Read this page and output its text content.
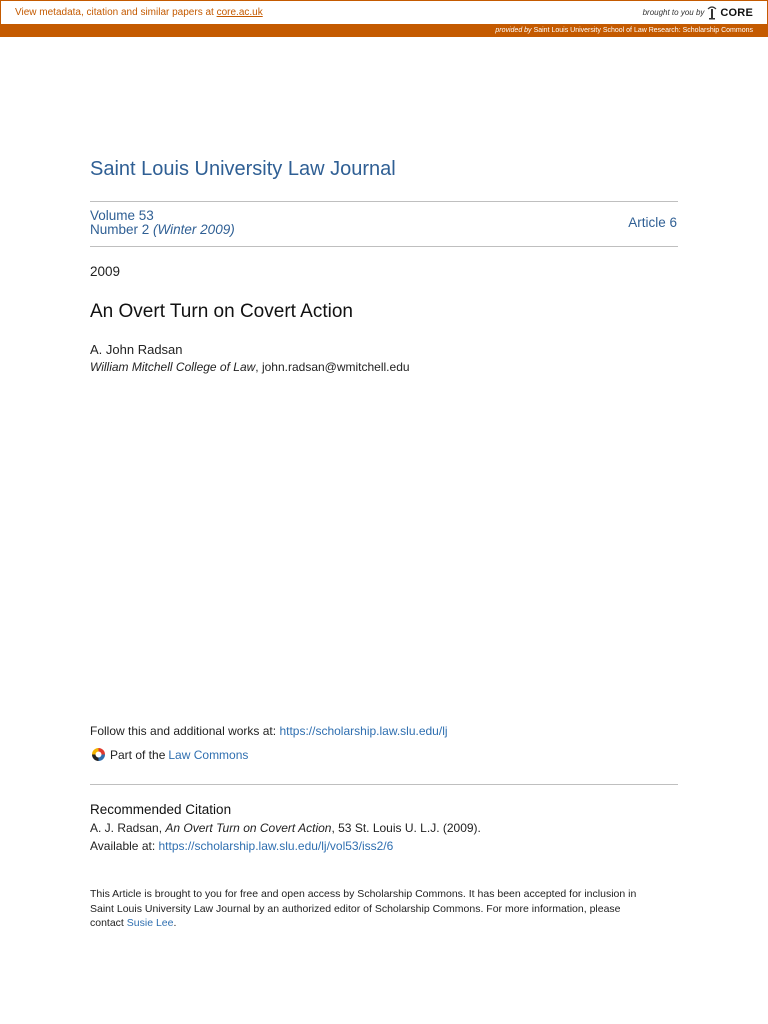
View metadata, citation and similar papers at core.ac.uk	brought to you by CORE
provided by Saint Louis University School of Law Research: Scholarship Commons
Saint Louis University Law Journal
Volume 53
Number 2 (Winter 2009)	Article 6
2009
An Overt Turn on Covert Action
A. John Radsan
William Mitchell College of Law, john.radsan@wmitchell.edu
Follow this and additional works at: https://scholarship.law.slu.edu/lj
Part of the Law Commons
Recommended Citation
A. J. Radsan, An Overt Turn on Covert Action, 53 St. Louis U. L.J. (2009).
Available at: https://scholarship.law.slu.edu/lj/vol53/iss2/6
This Article is brought to you for free and open access by Scholarship Commons. It has been accepted for inclusion in Saint Louis University Law Journal by an authorized editor of Scholarship Commons. For more information, please contact Susie Lee.
